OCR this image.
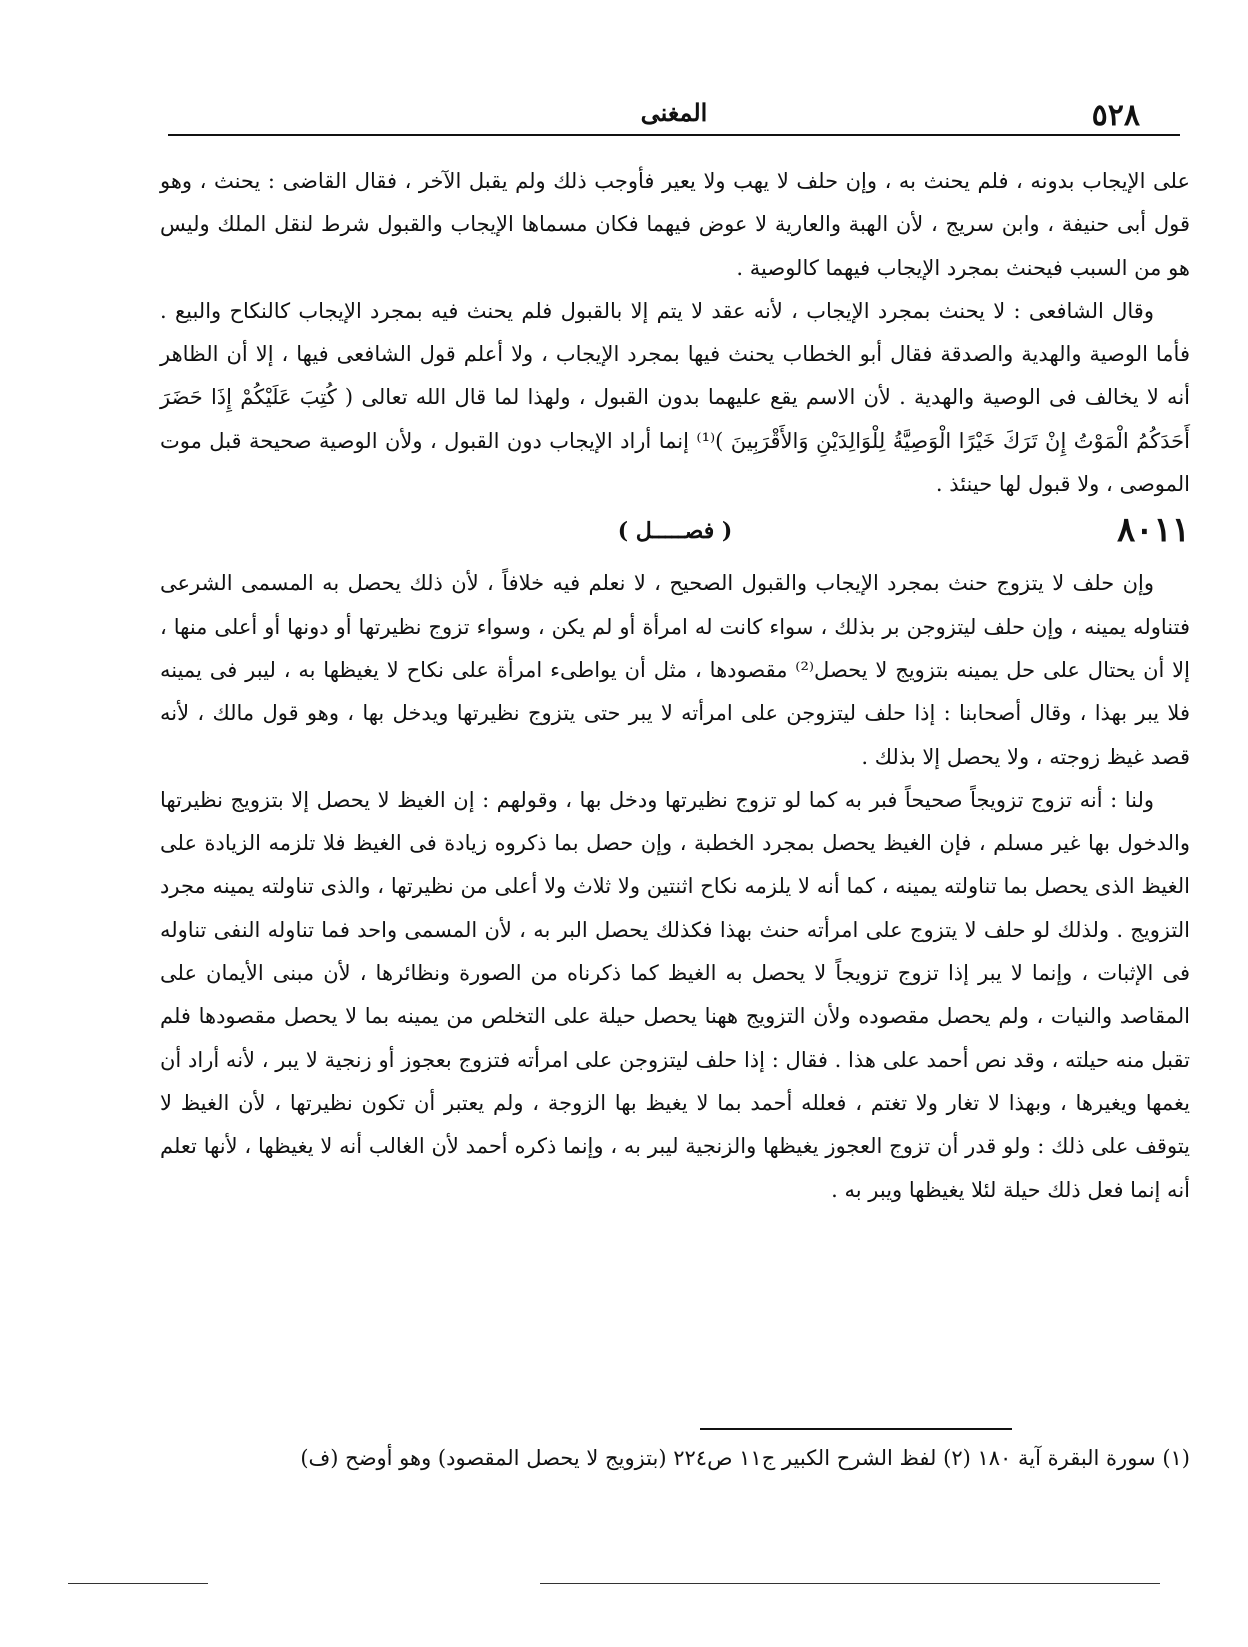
٥٢٨
المغنى

على الإيجاب بدونه ، فلم يحنث به ، وإن حلف لا يهب ولا يعير فأوجب ذلك ولم يقبل الآخر ، فقال القاضى : يحنث ، وهو قول أبى حنيفة ، وابن سريج ، لأن الهبة والعارية لا عوض فيهما فكان مسماها الإيجاب والقبول شرط لنقل الملك وليس هو من السبب فيحنث بمجرد الإيجاب فيهما كالوصية .

وقال الشافعى : لا يحنث بمجرد الإيجاب ، لأنه عقد لا يتم إلا بالقبول فلم يحنث فيه بمجرد الإيجاب كالنكاح والبيع . فأما الوصية والهدية والصدقة فقال أبو الخطاب يحنث فيها بمجرد الإيجاب ، ولا أعلم قول الشافعى فيها ، إلا أن الظاهر أنه لا يخالف فى الوصية والهدية . لأن الاسم يقع عليهما بدون القبول ، ولهذا لما قال الله تعالى ( كُتِبَ عَلَيْكُمْ إِذَا حَضَرَ أَحَدَكُمُ الْمَوْتُ إِنْ تَرَكَ خَيْرًا الْوَصِيَّةُ لِلْوَالِدَيْنِ وَالأَقْرَبِينَ )⁽¹⁾ إنما أراد الإيجاب دون القبول ، ولأن الوصية صحيحة قبل موت الموصى ، ولا قبول لها حينئذ .

٨٠١١
( فصـــــل )

وإن حلف لا يتزوج حنث بمجرد الإيجاب والقبول الصحيح ، لا نعلم فيه خلافاً ، لأن ذلك يحصل به المسمى الشرعى فتناوله يمينه ، وإن حلف ليتزوجن بر بذلك ، سواء كانت له امرأة أو لم يكن ، وسواء تزوج نظيرتها أو دونها أو أعلى منها ، إلا أن يحتال على حل يمينه بتزويج لا يحصل⁽²⁾ مقصودها ، مثل أن يواطىء امرأة على نكاح لا يغيظها به ، ليبر فى يمينه فلا يبر بهذا ، وقال أصحابنا : إذا حلف ليتزوجن على امرأته لا يبر حتى يتزوج نظيرتها ويدخل بها ، وهو قول مالك ، لأنه قصد غيظ زوجته ، ولا يحصل إلا بذلك .

ولنا : أنه تزوج تزويجاً صحيحاً فبر به كما لو تزوج نظيرتها ودخل بها ، وقولهم : إن الغيظ لا يحصل إلا بتزويج نظيرتها والدخول بها غير مسلم ، فإن الغيظ يحصل بمجرد الخطبة ، وإن حصل بما ذكروه زيادة فى الغيظ فلا تلزمه الزيادة على الغيظ الذى يحصل بما تناولته يمينه ، كما أنه لا يلزمه نكاح اثنتين ولا ثلاث ولا أعلى من نظيرتها ، والذى تناولته يمينه مجرد التزويج . ولذلك لو حلف لا يتزوج على امرأته حنث بهذا فكذلك يحصل البر به ، لأن المسمى واحد فما تناوله النفى تناوله فى الإثبات ، وإنما لا يبر إذا تزوج تزويجاً لا يحصل به الغيظ كما ذكرناه من الصورة ونظائرها ، لأن مبنى الأيمان على المقاصد والنيات ، ولم يحصل مقصوده ولأن التزويج ههنا يحصل حيلة على التخلص من يمينه بما لا يحصل مقصودها فلم تقبل منه حيلته ، وقد نص أحمد على هذا . فقال : إذا حلف ليتزوجن على امرأته فتزوج بعجوز أو زنجية لا يبر ، لأنه أراد أن يغمها ويغيرها ، وبهذا لا تغار ولا تغتم ، فعلله أحمد بما لا يغيظ بها الزوجة ، ولم يعتبر أن تكون نظيرتها ، لأن الغيظ لا يتوقف على ذلك : ولو قدر أن تزوج العجوز يغيظها والزنجية ليبر به ، وإنما ذكره أحمد لأن الغالب أنه لا يغيظها ، لأنها تعلم أنه إنما فعل ذلك حيلة لئلا يغيظها ويبر به .

(١) سورة البقرة آية ١٨٠ (٢) لفظ الشرح الكبير ج١١ ص٢٢٤ (بتزويج لا يحصل المقصود) وهو أوضح (ف)
